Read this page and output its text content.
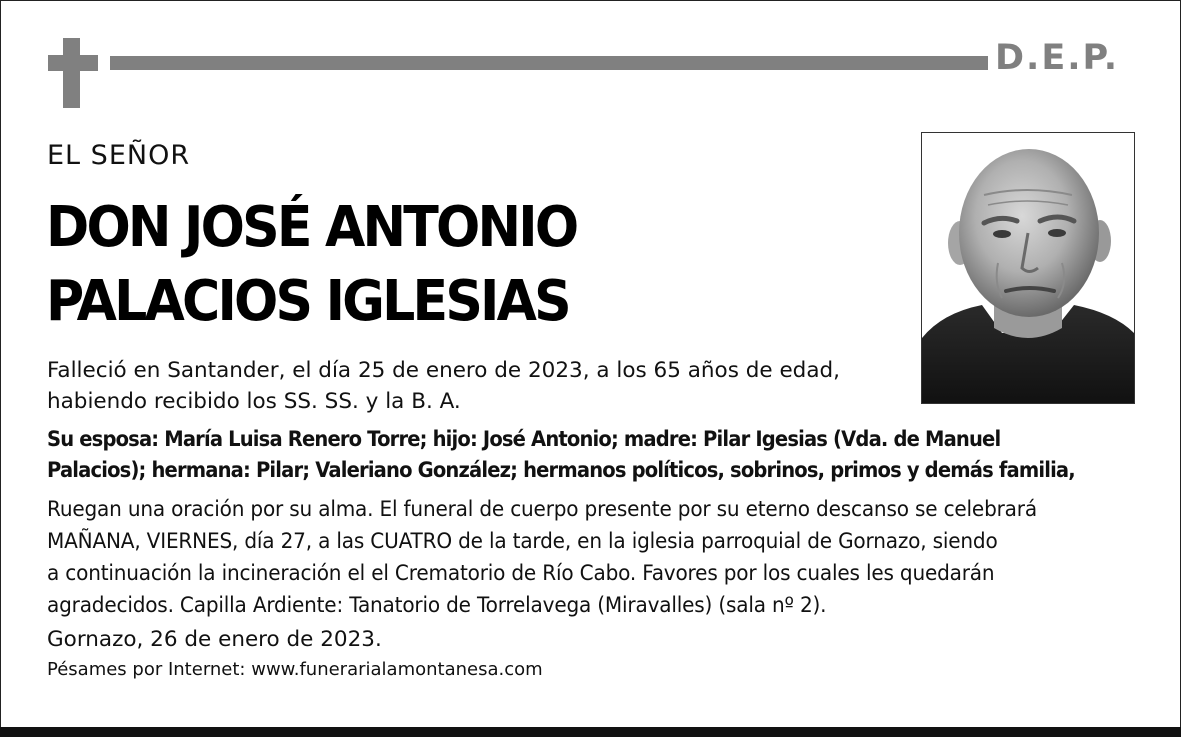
D.E.P.
EL SEÑOR
DON JOSÉ ANTONIO
PALACIOS IGLESIAS
Falleció en Santander, el día 25 de enero de 2023, a los 65 años de edad,
habiendo recibido los SS. SS. y la B. A.
Su esposa: María Luisa Renero Torre; hijo: José Antonio; madre: Pilar Igesias (Vda. de Manuel
Palacios); hermana: Pilar; Valeriano González; hermanos políticos, sobrinos, primos y demás familia,
Ruegan una oración por su alma. El funeral de cuerpo presente por su eterno descanso se celebrará
MAÑANA, VIERNES, día 27, a las CUATRO de la tarde, en la iglesia parroquial de Gornazo, siendo
a continuación la incineración el el Crematorio de Río Cabo. Favores por los cuales les quedarán
agradecidos. Capilla Ardiente: Tanatorio de Torrelavega (Miravalles) (sala nº 2).
Gornazo, 26 de enero de 2023.
Pésames por Internet: www.funerarialamontanesa.com
